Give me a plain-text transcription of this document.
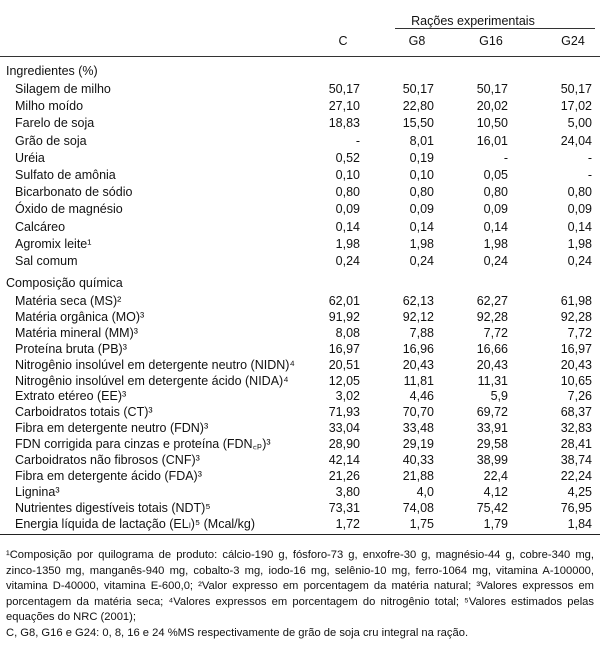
Rações experimentais
C	G8	G16	G24
Ingredientes (%)
Silagem de milho	50,17	50,17	50,17	50,17
Milho moído	27,10	22,80	20,02	17,02
Farelo de soja	18,83	15,50	10,50	5,00
Grão de soja	-	8,01	16,01	24,04
Uréia	0,52	0,19	-	-
Sulfato de amônia	0,10	0,10	0,05	-
Bicarbonato de sódio	0,80	0,80	0,80	0,80
Óxido de magnésio	0,09	0,09	0,09	0,09
Calcáreo	0,14	0,14	0,14	0,14
Agromix leite¹	1,98	1,98	1,98	1,98
Sal comum	0,24	0,24	0,24	0,24
Composição química
Matéria seca (MS)²	62,01	62,13	62,27	61,98
Matéria orgânica (MO)³	91,92	92,12	92,28	92,28
Matéria mineral (MM)³	8,08	7,88	7,72	7,72
Proteína bruta (PB)³	16,97	16,96	16,66	16,97
Nitrogênio insolúvel em detergente neutro (NIDN)⁴	20,51	20,43	20,43	20,43
Nitrogênio insolúvel em detergente ácido (NIDA)⁴	12,05	11,81	11,31	10,65
Extrato etéreo (EE)³	3,02	4,46	5,9	7,26
Carboidratos totais (CT)³	71,93	70,70	69,72	68,37
Fibra em detergente neutro (FDN)³	33,04	33,48	33,91	32,83
FDN corrigida para cinzas e proteína (FDN꜀ₚ)³	28,90	29,19	29,58	28,41
Carboidratos não fibrosos (CNF)³	42,14	40,33	38,99	38,74
Fibra em detergente ácido (FDA)³	21,26	21,88	22,4	22,24
Lignina³	3,80	4,0	4,12	4,25
Nutrientes digestíveis totais (NDT)⁵	73,31	74,08	75,42	76,95
Energia líquida de lactação (ELₗ)⁵ (Mcal/kg)	1,72	1,75	1,79	1,84

¹Composição por quilograma de produto: cálcio-190 g, fósforo-73 g, enxofre-30 g, magnésio-44 g, cobre-340 mg, zinco-1350 mg, manganês-940 mg, cobalto-3 mg, iodo-16 mg, selênio-10 mg, ferro-1064 mg, vitamina A-100000, vitamina D-40000, vitamina E-600,0; ²Valor expresso em porcentagem da matéria natural; ³Valores expressos em porcentagem da matéria seca; ⁴Valores expressos em porcentagem do nitrogênio total; ⁵Valores estimados pelas equações do NRC (2001);

C, G8, G16 e G24: 0, 8, 16 e 24 %MS respectivamente de grão de soja cru integral na ração.
